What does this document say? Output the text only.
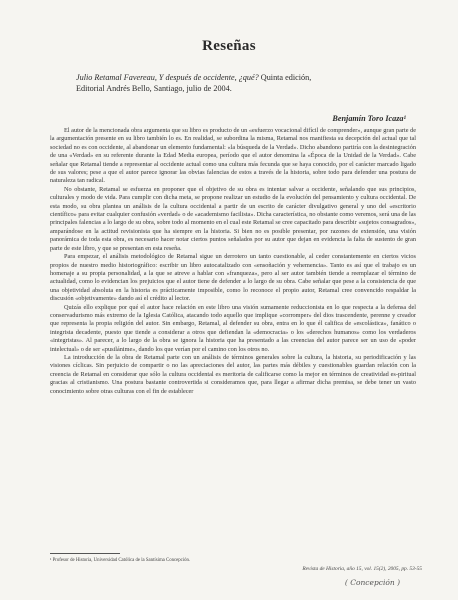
Reseñas
Julio Retamal Favereau, Y después de occidente, ¿qué? Quinta edición,
Editorial Andrés Bello, Santiago, julio de 2004.
Benjamín Toro Icaza¹

El autor de la mencionada obra argumenta que su libro es producto de un «esfuerzo vocacional difícil de comprender», aunque gran parte de la argumentación presente en su libro también lo es. En realidad, se subordina la misma, Retamal nos manifiesta su decepción del actual que tal sociedad no es con occidente, al abandonar un elemento fundamental: «la búsqueda de la Verdad». Dicho abandono partiría con la desintegración de una «Verdad» en su referente durante la Edad Media europea, período que el autor denomina la «Época de la Unidad de la Verdad». Cabe señalar que Retamal tiende a representar al occidente actual como una cultura más fecunda que se haya conocido, por el carácter marcado ligado de sus valores; pese a que el autor parece ignorar las obvias falencias de estos a través de la historia, sobre todo para defender una postura de naturaleza tan radical.

No obstante, Retamal se esfuerza en proponer que el objetivo de su obra es intentar salvar a occidente, señalando que sus principios, culturales y modo de vida. Para cumplir con dicha meta, se propone realizar un estudio de la evolución del pensamiento y cultura occidental. De esta modo, su obra plantea un análisis de la cultura occidental a partir de un escrito de carácter divulgativo general y uno del «escritorio científico» para evitar cualquier confusión «verdad» o de «academismo facilista». Dicha característica, no obstante como veremos, será una de las principales falencias a lo largo de su obra, sobre todo al momento en el cual este Retamal se cree capacitado para describir «sujetos consagrados», amparándose en la actitud revisionista que ha siempre en la historia. Si bien no es posible presentar, por razones de extensión, una visión panorámica de toda esta obra, es necesario hacer notar ciertos puntos señalados por su autor que dejan en evidencia la falta de sustento de gran parte de este libro, y que se presentan en esta reseña.

Para empezar, el análisis metodológico de Retamal sigue un derrotero un tanto cuestionable, al ceder constantemente en ciertos vicios propios de nuestro medio historiográfico: escribir un libro autocatalizado con «ensoñación y vehemencia». Tanto es así que el trabajo es un homenaje a su propia personalidad, a la que se atreve a hablar con «franqueza», pero al ser autor también tiende a reemplazar el término de actualidad, como lo evidencian los prejuicios que el autor tiene de defender a lo largo de su obra. Cabe señalar que pese a la consistencia de que una objetividad absoluta en la historia es prácticamente imposible, como lo reconoce el propio autor, Retamal cree convencido respaldar la discusión «objetivamente» dando así el crédito al lector.

Quizás ello explique por qué el autor hace relación en este libro una visión sumamente reduccionista en lo que respecta a la defensa del conservadurismo más extremo de la Iglesia Católica, atacando todo aquello que implique «corromper» del dios trascendente, perenne y creador que representa la propia religión del autor. Sin embargo, Retamal, al defender su obra, entra en lo que él califica de «escolástica», fanático o integrista decadente, puesto que tiende a considerar a otros que defiendan la «democracia» o los «derechos humanos» como los verdaderos «integristas». Al parecer, a lo largo de la obra se ignora la historia que ha presentado a las creencias del autor parece ser un uso de «poder intelectual» o de ser «pusilánime», dando los que verían por el camino con los otros no.

La introducción de la obra de Retamal parte con un análisis de términos generales sobre la cultura, la historia, su periodificación y las visiones cíclicas. Sin perjuicio de compartir o no las apreciaciones del autor, las partes más débiles y cuestionables guardan relación con la creencia de Retamal en considerar que sólo la cultura occidental es meritoria de calificarse como la mejor en términos de creatividad es-piritual gracias al cristianismo. Una postura bastante controvertida si consideramos que, para llegar a afirmar dicha premisa, se debe tener un vasto conocimiento sobre otras culturas con el fin de establecer

¹ Profesor de Historia, Universidad Católica de la Santísima Concepción.
Revista de Historia, año 15, vol. 15(2), 2005, pp. 53-55
( Concepción )
